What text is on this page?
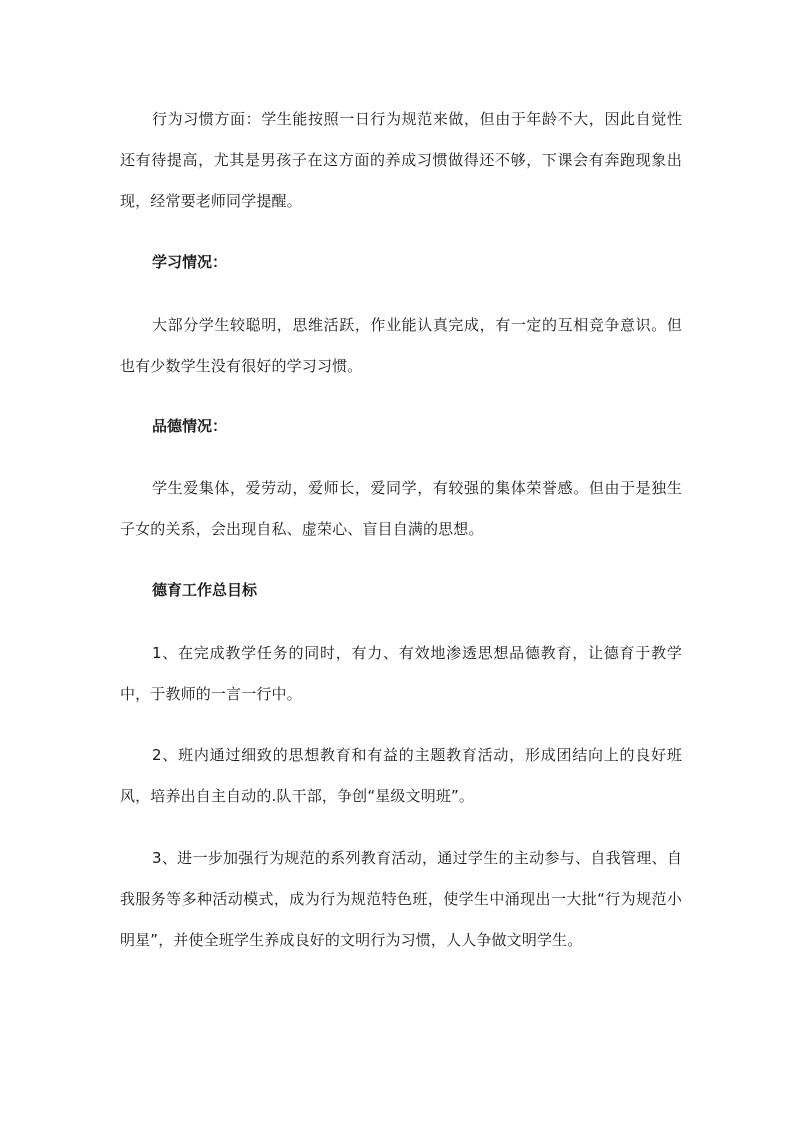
行为习惯方面：学生能按照一日行为规范来做，但由于年龄不大，因此自觉性还有待提高，尤其是男孩子在这方面的养成习惯做得还不够，下课会有奔跑现象出现，经常要老师同学提醒。

学习情况：

大部分学生较聪明，思维活跃，作业能认真完成，有一定的互相竞争意识。但也有少数学生没有很好的学习习惯。

品德情况：

学生爱集体，爱劳动，爱师长，爱同学，有较强的集体荣誉感。但由于是独生子女的关系，会出现自私、虚荣心、盲目自满的思想。

德育工作总目标

1、在完成教学任务的同时，有力、有效地渗透思想品德教育，让德育于教学中，于教师的一言一行中。

2、班内通过细致的思想教育和有益的主题教育活动，形成团结向上的良好班风，培养出自主自动的.队干部，争创“星级文明班”。

3、进一步加强行为规范的系列教育活动，通过学生的主动参与、自我管理、自我服务等多种活动模式，成为行为规范特色班，使学生中涌现出一大批“行为规范小明星”，并使全班学生养成良好的文明行为习惯，人人争做文明学生。
